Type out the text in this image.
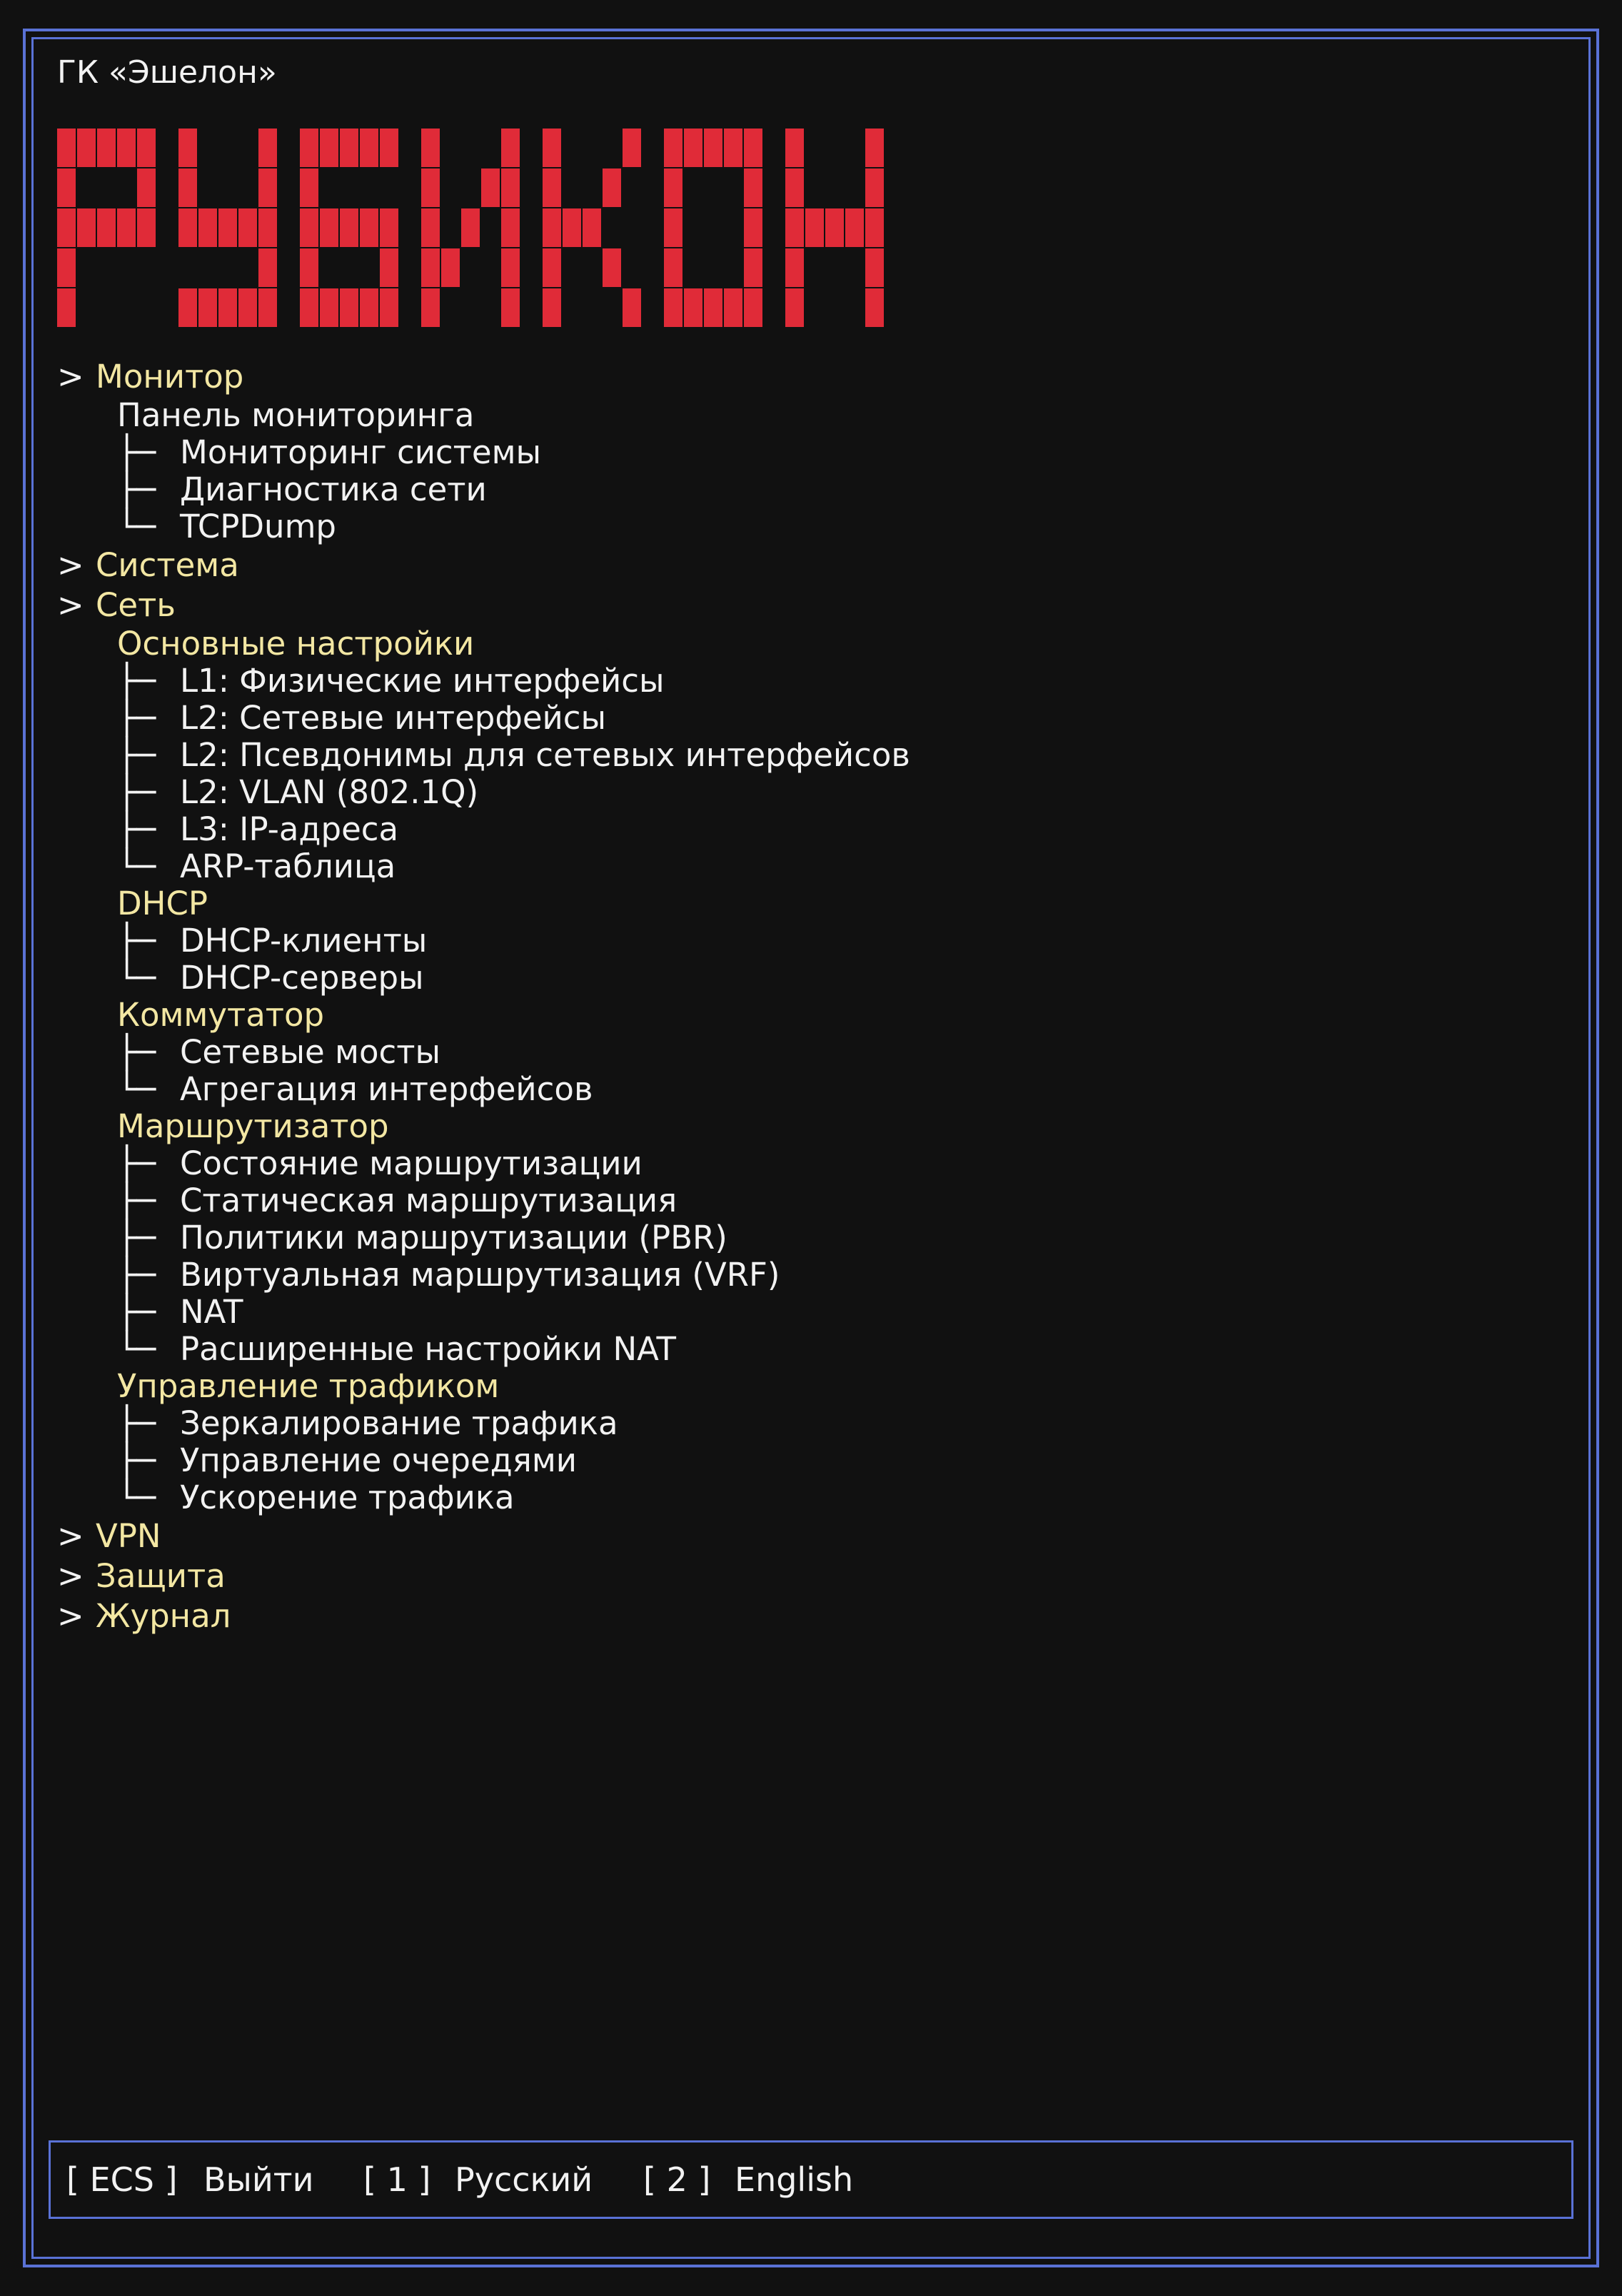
ГК «Эшелон»
> Монитор
Панель мониторинга
├─ Мониторинг системы
├─ Диагностика сети
└─ TCPDump
> Система
> Сеть
Основные настройки
├─ L1: Физические интерфейсы
├─ L2: Сетевые интерфейсы
├─ L2: Псевдонимы для сетевых интерфейсов
├─ L2: VLAN (802.1Q)
├─ L3: IP-адреса
└─ ARP-таблица
DHCP
├─ DHCP-клиенты
└─ DHCP-серверы
Коммутатор
├─ Сетевые мосты
└─ Агрегация интерфейсов
Маршрутизатор
├─ Состояние маршрутизации
├─ Статическая маршрутизация
├─ Политики маршрутизации (PBR)
├─ Виртуальная маршрутизация (VRF)
├─ NAT
└─ Расширенные настройки NAT
Управление трафиком
├─ Зеркалирование трафика
├─ Управление очередями
└─ Ускорение трафика
> VPN
> Защита
> Журнал
[ ECS ] Выйти [ 1 ] Русский [ 2 ] English
